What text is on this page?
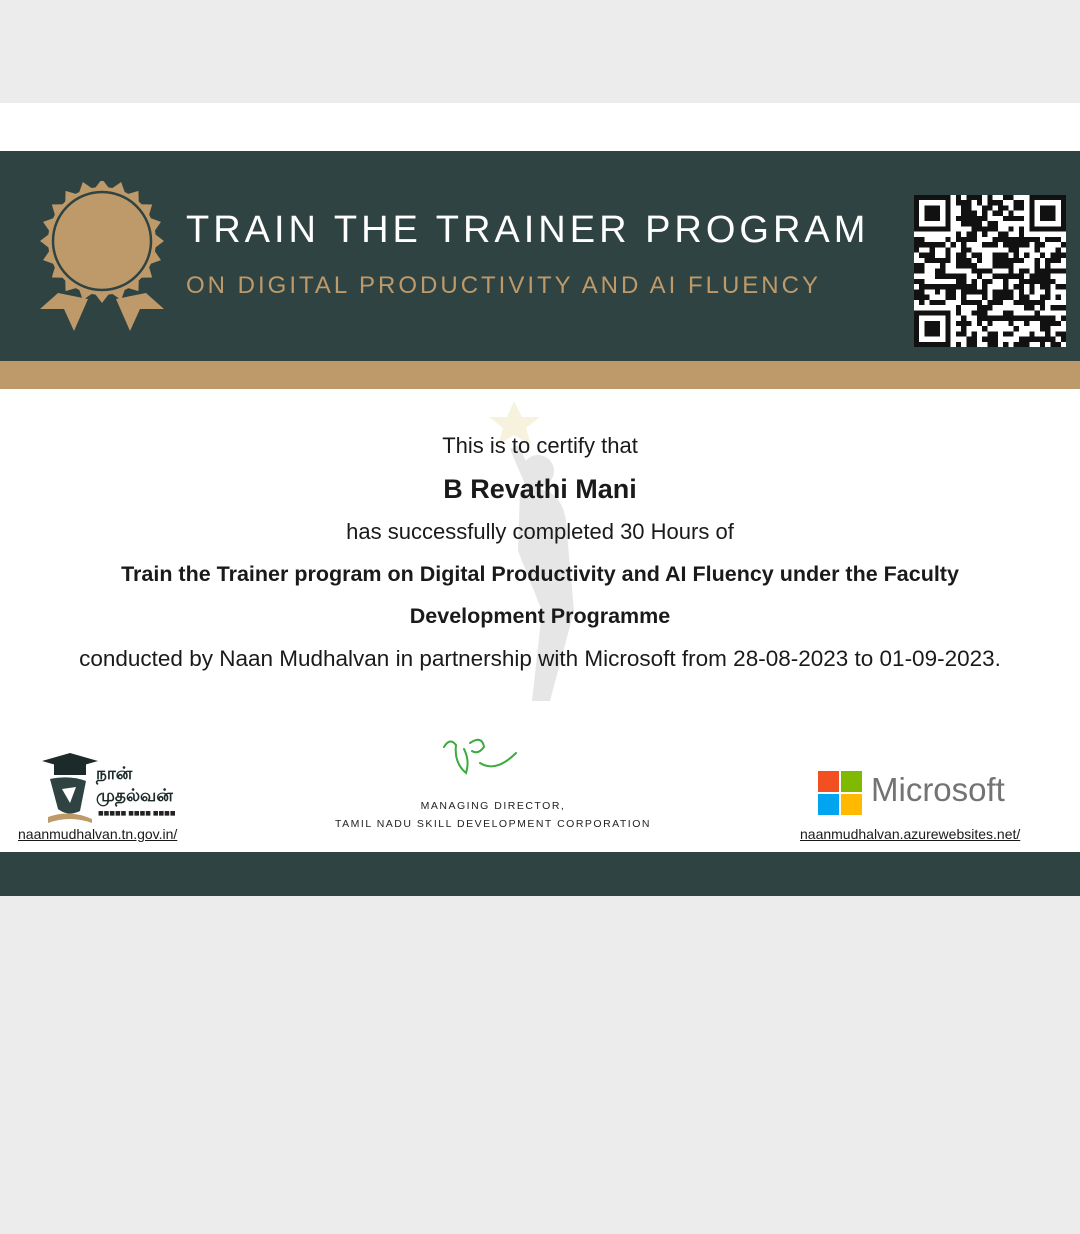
TRAIN THE TRAINER PROGRAM
ON DIGITAL PRODUCTIVITY AND AI FLUENCY
This is to certify that
B Revathi Mani
has successfully completed 30 Hours of
Train the Trainer program on Digital Productivity and AI Fluency under the Faculty
Development Programme
conducted by Naan Mudhalvan in partnership with Microsoft from 28-08-2023 to 01-09-2023.
■■■■■ ■■■■ ■■■■
நான் முதல்வன்
naanmudhalvan.tn.gov.in/
MANAGING DIRECTOR,
TAMIL NADU SKILL DEVELOPMENT CORPORATION
Microsoft
naanmudhalvan.azurewebsites.net/
